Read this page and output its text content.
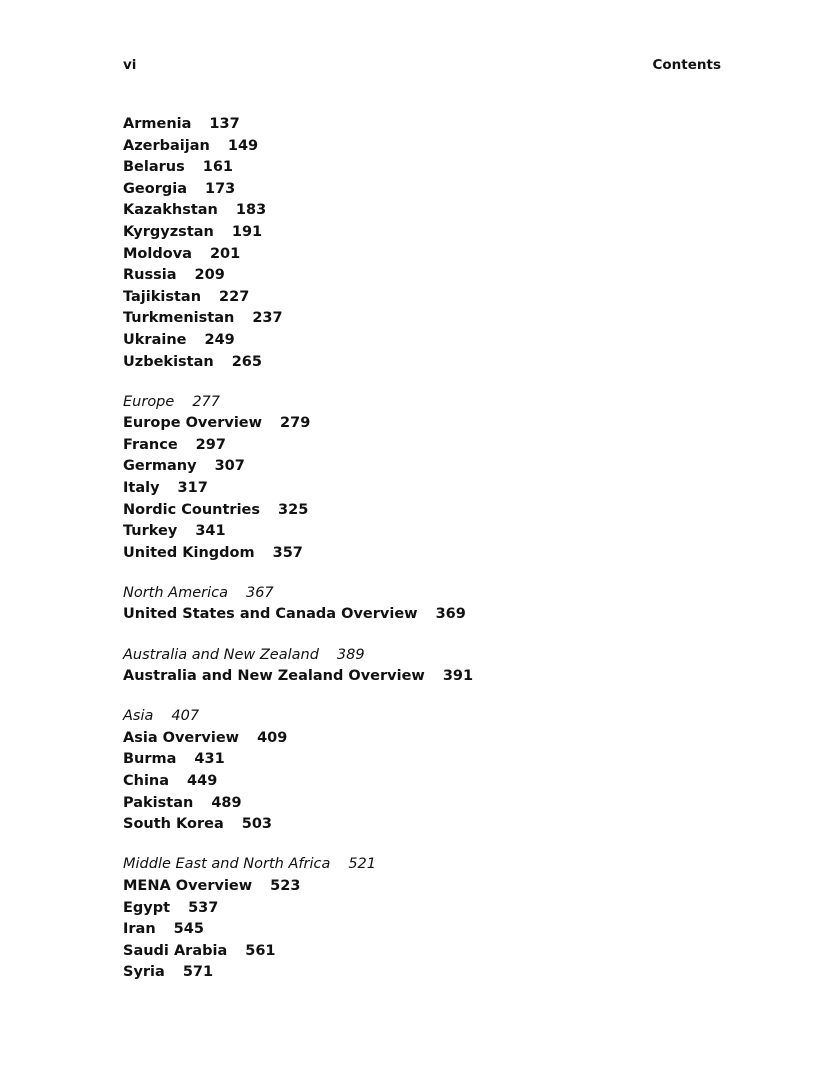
vi	Contents
Armenia 137
Azerbaijan 149
Belarus 161
Georgia 173
Kazakhstan 183
Kyrgyzstan 191
Moldova 201
Russia 209
Tajikistan 227
Turkmenistan 237
Ukraine 249
Uzbekistan 265
Europe 277
Europe Overview 279
France 297
Germany 307
Italy 317
Nordic Countries 325
Turkey 341
United Kingdom 357
North America 367
United States and Canada Overview 369
Australia and New Zealand 389
Australia and New Zealand Overview 391
Asia 407
Asia Overview 409
Burma 431
China 449
Pakistan 489
South Korea 503
Middle East and North Africa 521
MENA Overview 523
Egypt 537
Iran 545
Saudi Arabia 561
Syria 571
